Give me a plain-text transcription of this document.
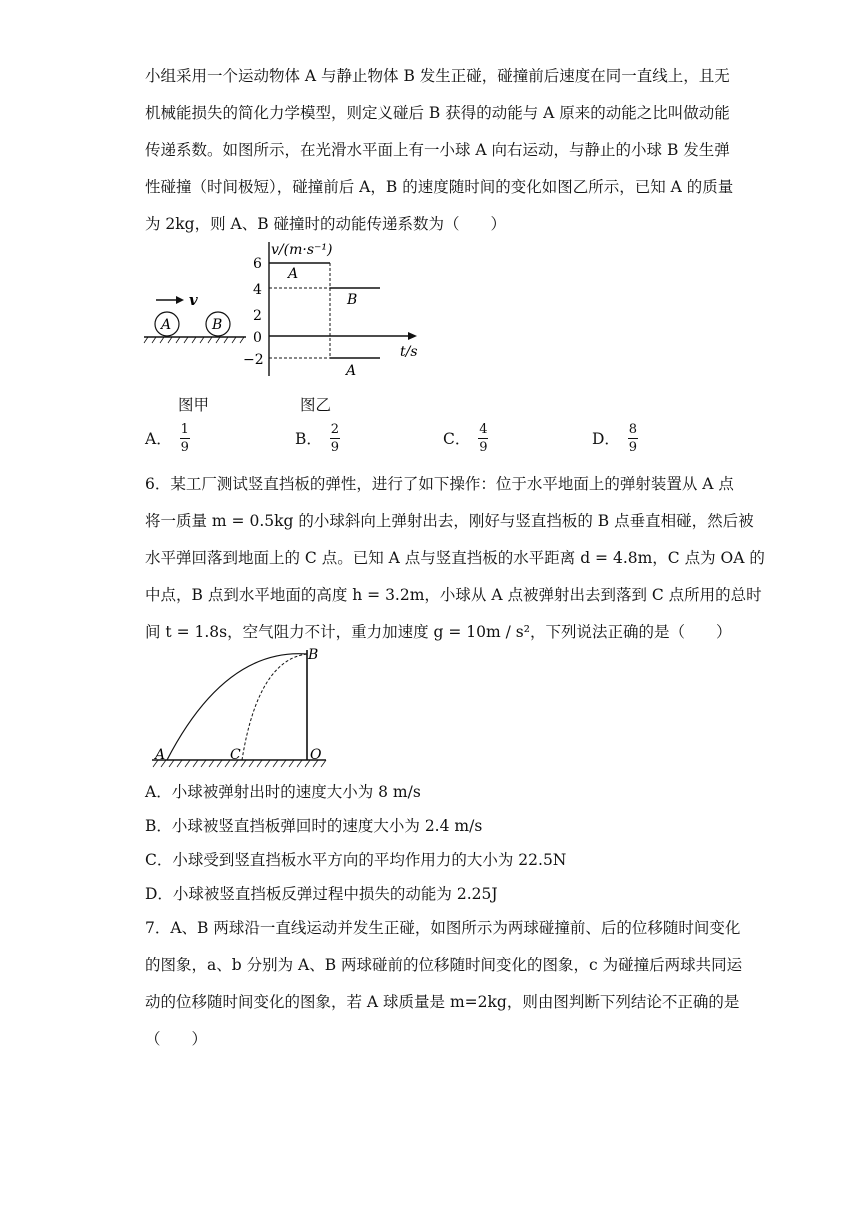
小组采用一个运动物体 A 与静止物体 B 发生正碰，碰撞前后速度在同一直线上，且无
机械能损失的简化力学模型，则定义碰后 B 获得的动能与 A 原来的动能之比叫做动能
传递系数。如图所示，在光滑水平面上有一小球 A 向右运动，与静止的小球 B 发生弹
性碰撞（时间极短），碰撞前后 A，B 的速度随时间的变化如图乙所示，已知 A 的质量
为 2kg，则 A、B 碰撞时的动能传递系数为（　　）
v
A	B
v/(m·s⁻¹)
t/s
6
4
2
0
−2
A
B
A
图甲	图乙
A． $\frac{1}{9}$	B． $\frac{2}{9}$	C． $\frac{4}{9}$	D． $\frac{8}{9}$
6．某工厂测试竖直挡板的弹性，进行了如下操作：位于水平地面上的弹射装置从 A 点
将一质量 m = 0.5kg 的小球斜向上弹射出去，刚好与竖直挡板的 B 点垂直相碰，然后被
水平弹回落到地面上的 C 点。已知 A 点与竖直挡板的水平距离 d = 4.8m，C 点为 OA 的
中点，B 点到水平地面的高度 h = 3.2m，小球从 A 点被弹射出去到落到 C 点所用的总时
间 t = 1.8s，空气阻力不计，重力加速度 g = 10m / s²，下列说法正确的是（　　）
A
B
C	O
A．小球被弹射出时的速度大小为 8 m/s
B．小球被竖直挡板弹回时的速度大小为 2.4 m/s
C．小球受到竖直挡板水平方向的平均作用力的大小为 22.5N
D．小球被竖直挡板反弹过程中损失的动能为 2.25J
7．A、B 两球沿一直线运动并发生正碰，如图所示为两球碰撞前、后的位移随时间变化
的图象，a、b 分别为 A、B 两球碰前的位移随时间变化的图象，c 为碰撞后两球共同运
动的位移随时间变化的图象，若 A 球质量是 m=2kg，则由图判断下列结论不正确的是
（　　）
